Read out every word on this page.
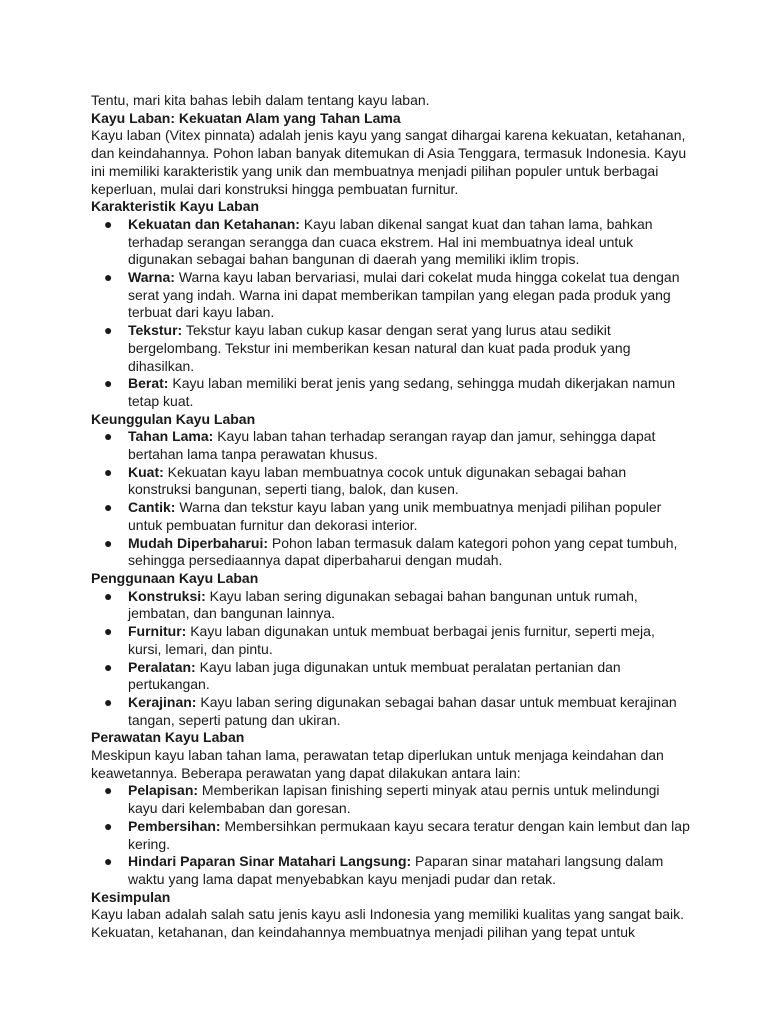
Tentu, mari kita bahas lebih dalam tentang kayu laban.

Kayu Laban: Kekuatan Alam yang Tahan Lama

Kayu laban (Vitex pinnata) adalah jenis kayu yang sangat dihargai karena kekuatan, ketahanan, dan keindahannya. Pohon laban banyak ditemukan di Asia Tenggara, termasuk Indonesia. Kayu ini memiliki karakteristik yang unik dan membuatnya menjadi pilihan populer untuk berbagai keperluan, mulai dari konstruksi hingga pembuatan furnitur.

Karakteristik Kayu Laban

● Kekuatan dan Ketahanan: Kayu laban dikenal sangat kuat dan tahan lama, bahkan terhadap serangan serangga dan cuaca ekstrem. Hal ini membuatnya ideal untuk digunakan sebagai bahan bangunan di daerah yang memiliki iklim tropis.
● Warna: Warna kayu laban bervariasi, mulai dari cokelat muda hingga cokelat tua dengan serat yang indah. Warna ini dapat memberikan tampilan yang elegan pada produk yang terbuat dari kayu laban.
● Tekstur: Tekstur kayu laban cukup kasar dengan serat yang lurus atau sedikit bergelombang. Tekstur ini memberikan kesan natural dan kuat pada produk yang dihasilkan.
● Berat: Kayu laban memiliki berat jenis yang sedang, sehingga mudah dikerjakan namun tetap kuat.

Keunggulan Kayu Laban

● Tahan Lama: Kayu laban tahan terhadap serangan rayap dan jamur, sehingga dapat bertahan lama tanpa perawatan khusus.
● Kuat: Kekuatan kayu laban membuatnya cocok untuk digunakan sebagai bahan konstruksi bangunan, seperti tiang, balok, dan kusen.
● Cantik: Warna dan tekstur kayu laban yang unik membuatnya menjadi pilihan populer untuk pembuatan furnitur dan dekorasi interior.
● Mudah Diperbaharui: Pohon laban termasuk dalam kategori pohon yang cepat tumbuh, sehingga persediaannya dapat diperbaharui dengan mudah.

Penggunaan Kayu Laban

● Konstruksi: Kayu laban sering digunakan sebagai bahan bangunan untuk rumah, jembatan, dan bangunan lainnya.
● Furnitur: Kayu laban digunakan untuk membuat berbagai jenis furnitur, seperti meja, kursi, lemari, dan pintu.
● Peralatan: Kayu laban juga digunakan untuk membuat peralatan pertanian dan pertukangan.
● Kerajinan: Kayu laban sering digunakan sebagai bahan dasar untuk membuat kerajinan tangan, seperti patung dan ukiran.

Perawatan Kayu Laban

Meskipun kayu laban tahan lama, perawatan tetap diperlukan untuk menjaga keindahan dan keawetannya. Beberapa perawatan yang dapat dilakukan antara lain:

● Pelapisan: Memberikan lapisan finishing seperti minyak atau pernis untuk melindungi kayu dari kelembaban dan goresan.
● Pembersihan: Membersihkan permukaan kayu secara teratur dengan kain lembut dan lap kering.
● Hindari Paparan Sinar Matahari Langsung: Paparan sinar matahari langsung dalam waktu yang lama dapat menyebabkan kayu menjadi pudar dan retak.

Kesimpulan

Kayu laban adalah salah satu jenis kayu asli Indonesia yang memiliki kualitas yang sangat baik. Kekuatan, ketahanan, dan keindahannya membuatnya menjadi pilihan yang tepat untuk
